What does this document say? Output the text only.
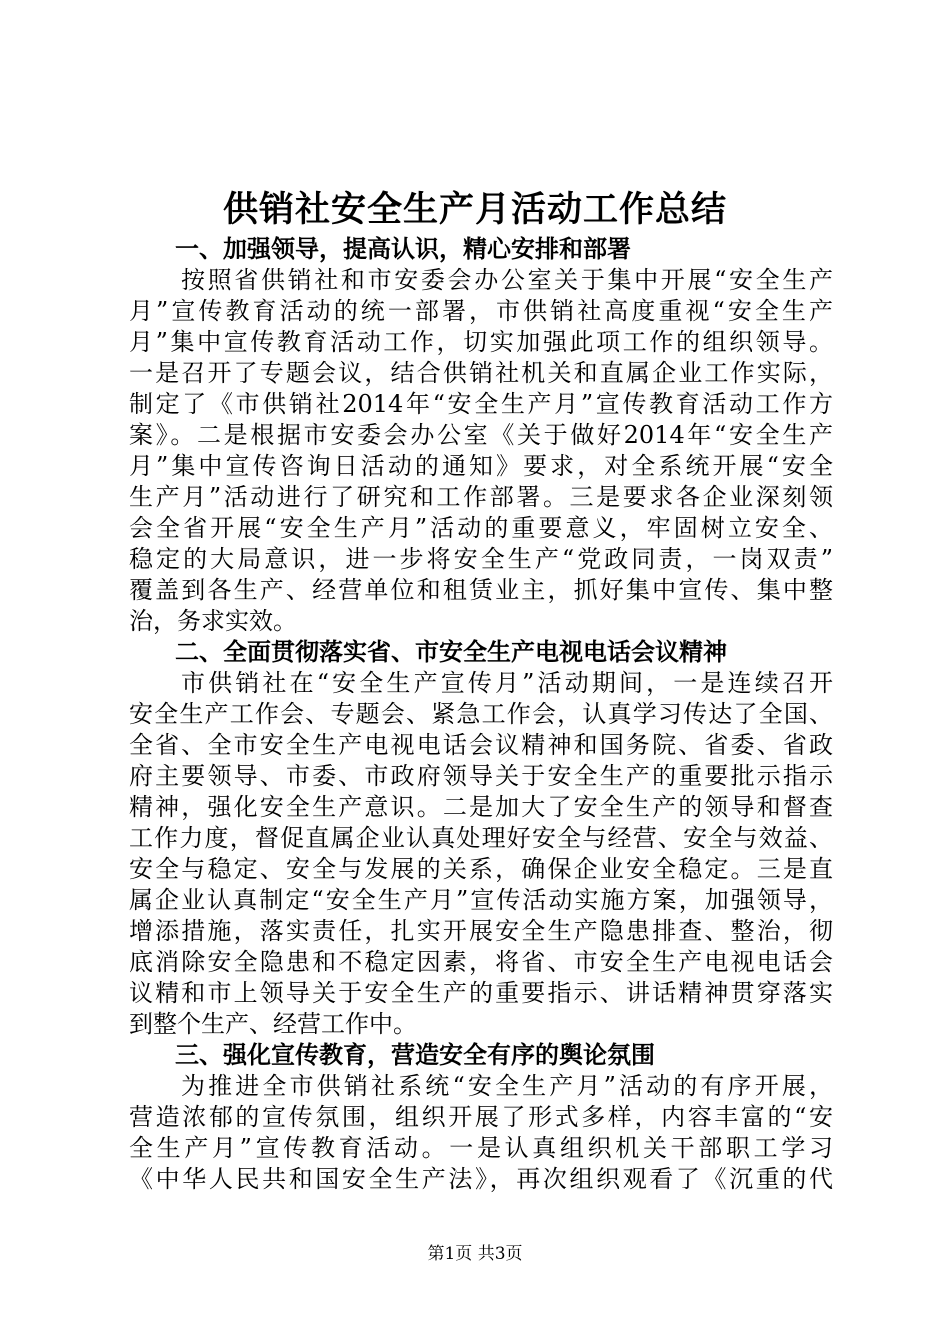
供销社安全生产月活动工作总结
一、加强领导，提高认识，精心安排和部署
按照省供销社和市安委会办公室关于集中开展“安全生产
月”宣传教育活动的统一部署，市供销社高度重视“安全生产
月”集中宣传教育活动工作，切实加强此项工作的组织领导。
一是召开了专题会议，结合供销社机关和直属企业工作实际，
制定了《市供销社2014年“安全生产月”宣传教育活动工作方
案》。二是根据市安委会办公室《关于做好2014年“安全生产
月”集中宣传咨询日活动的通知》要求，对全系统开展“安全
生产月”活动进行了研究和工作部署。三是要求各企业深刻领
会全省开展“安全生产月”活动的重要意义，牢固树立安全、
稳定的大局意识，进一步将安全生产“党政同责，一岗双责”
覆盖到各生产、经营单位和租赁业主，抓好集中宣传、集中整
治，务求实效。
二、全面贯彻落实省、市安全生产电视电话会议精神
市供销社在“安全生产宣传月”活动期间，一是连续召开
安全生产工作会、专题会、紧急工作会，认真学习传达了全国、
全省、全市安全生产电视电话会议精神和国务院、省委、省政
府主要领导、市委、市政府领导关于安全生产的重要批示指示
精神，强化安全生产意识。二是加大了安全生产的领导和督查
工作力度，督促直属企业认真处理好安全与经营、安全与效益、
安全与稳定、安全与发展的关系，确保企业安全稳定。三是直
属企业认真制定“安全生产月”宣传活动实施方案，加强领导，
增添措施，落实责任，扎实开展安全生产隐患排查、整治，彻
底消除安全隐患和不稳定因素，将省、市安全生产电视电话会
议精和市上领导关于安全生产的重要指示、讲话精神贯穿落实
到整个生产、经营工作中。
三、强化宣传教育，营造安全有序的舆论氛围
为推进全市供销社系统“安全生产月”活动的有序开展，
营造浓郁的宣传氛围，组织开展了形式多样，内容丰富的“安
全生产月”宣传教育活动。一是认真组织机关干部职工学习
《中华人民共和国安全生产法》，再次组织观看了《沉重的代
第1页 共3页
